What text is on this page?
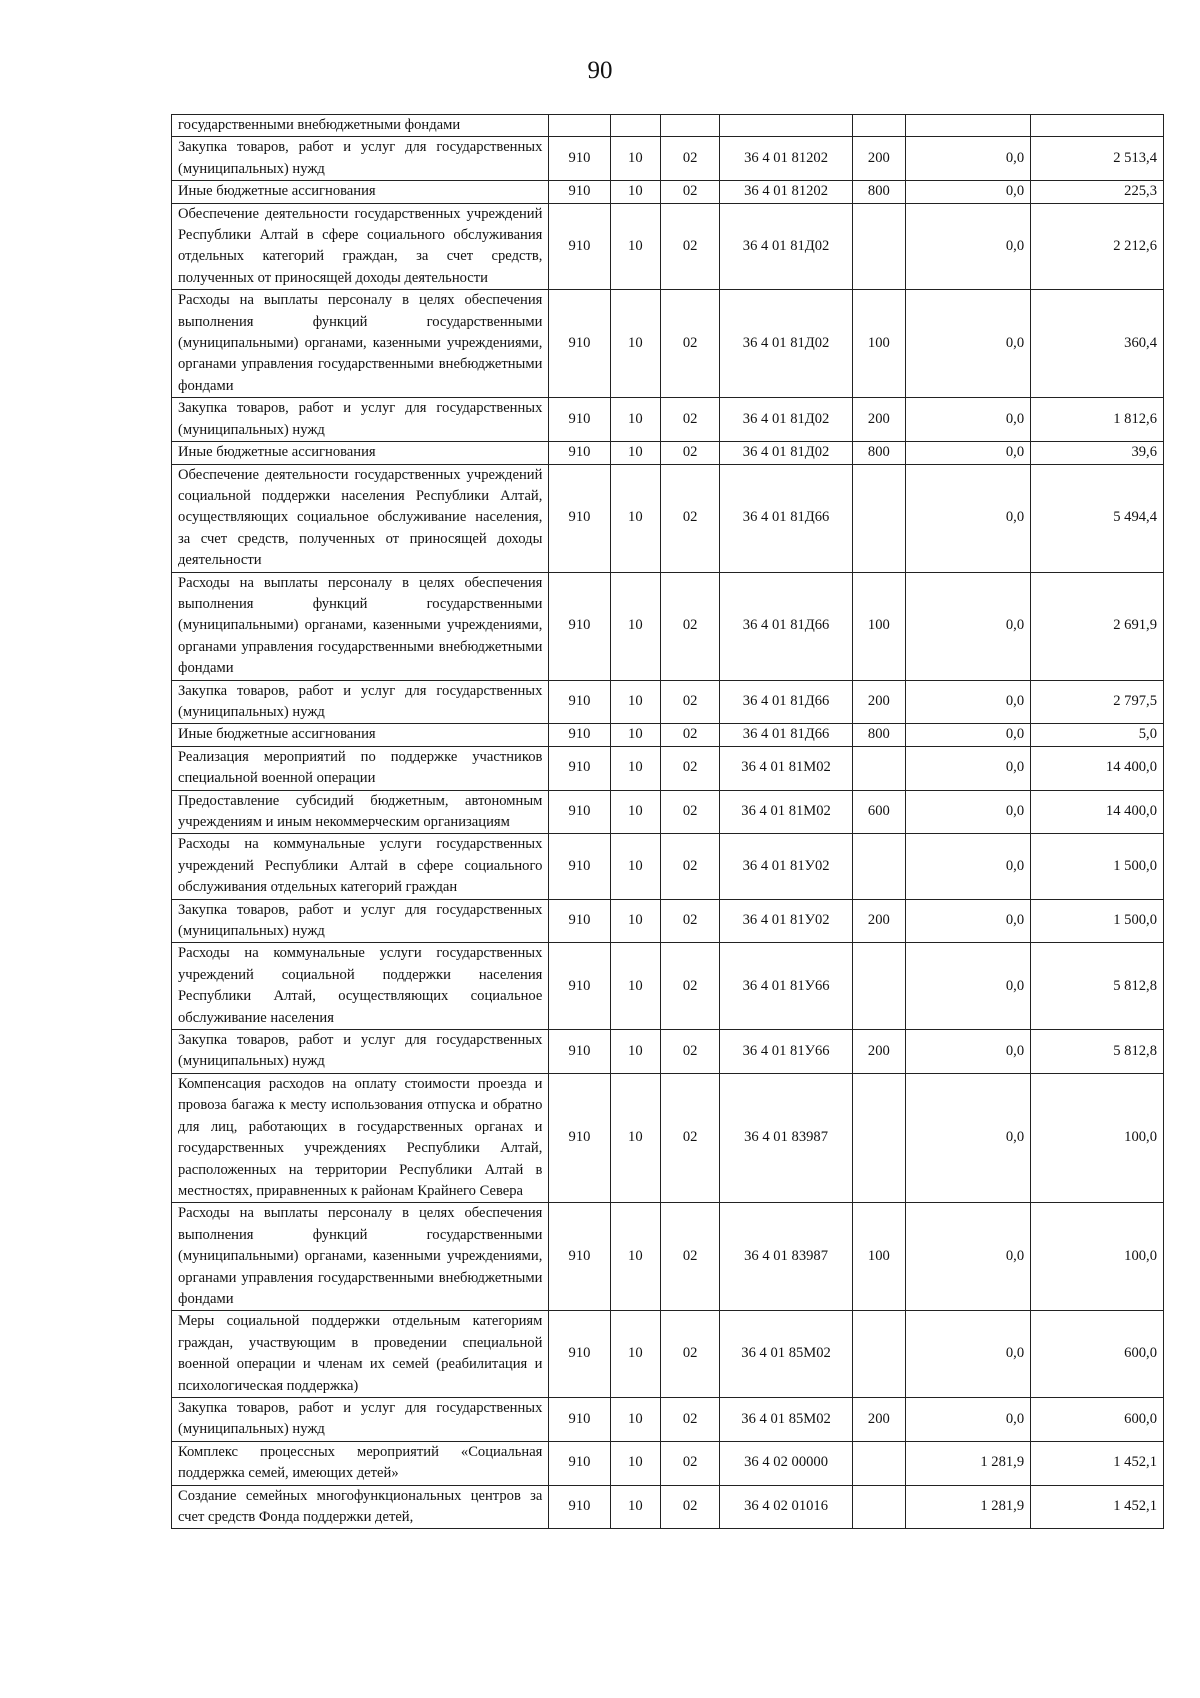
90
государственными внебюджетными фондами							
Закупка товаров, работ и услуг для государственных (муниципальных) нужд	910	10	02	36 4 01 81202	200	0,0	2 513,4
Иные бюджетные ассигнования	910	10	02	36 4 01 81202	800	0,0	225,3
Обеспечение деятельности государственных учреждений Республики Алтай в сфере социального обслуживания отдельных категорий граждан, за счет средств, полученных от приносящей доходы деятельности	910	10	02	36 4 01 81Д02		0,0	2 212,6
Расходы на выплаты персоналу в целях обеспечения выполнения функций государственными (муниципальными) органами, казенными учреждениями, органами управления государственными внебюджетными фондами	910	10	02	36 4 01 81Д02	100	0,0	360,4
Закупка товаров, работ и услуг для государственных (муниципальных) нужд	910	10	02	36 4 01 81Д02	200	0,0	1 812,6
Иные бюджетные ассигнования	910	10	02	36 4 01 81Д02	800	0,0	39,6
Обеспечение деятельности государственных учреждений социальной поддержки населения Республики Алтай, осуществляющих социальное обслуживание населения, за счет средств, полученных от приносящей доходы деятельности	910	10	02	36 4 01 81Д66		0,0	5 494,4
Расходы на выплаты персоналу в целях обеспечения выполнения функций государственными (муниципальными) органами, казенными учреждениями, органами управления государственными внебюджетными фондами	910	10	02	36 4 01 81Д66	100	0,0	2 691,9
Закупка товаров, работ и услуг для государственных (муниципальных) нужд	910	10	02	36 4 01 81Д66	200	0,0	2 797,5
Иные бюджетные ассигнования	910	10	02	36 4 01 81Д66	800	0,0	5,0
Реализация мероприятий по поддержке участников специальной военной операции	910	10	02	36 4 01 81М02		0,0	14 400,0
Предоставление субсидий бюджетным, автономным учреждениям и иным некоммерческим организациям	910	10	02	36 4 01 81М02	600	0,0	14 400,0
Расходы на коммунальные услуги государственных учреждений Республики Алтай в сфере социального обслуживания отдельных категорий граждан	910	10	02	36 4 01 81У02		0,0	1 500,0
Закупка товаров, работ и услуг для государственных (муниципальных) нужд	910	10	02	36 4 01 81У02	200	0,0	1 500,0
Расходы на коммунальные услуги государственных учреждений социальной поддержки населения Республики Алтай, осуществляющих социальное обслуживание населения	910	10	02	36 4 01 81У66		0,0	5 812,8
Закупка товаров, работ и услуг для государственных (муниципальных) нужд	910	10	02	36 4 01 81У66	200	0,0	5 812,8
Компенсация расходов на оплату стоимости проезда и провоза багажа к месту использования отпуска и обратно для лиц, работающих в государственных органах и государственных учреждениях Республики Алтай, расположенных на территории Республики Алтай в местностях, приравненных к районам Крайнего Севера	910	10	02	36 4 01 83987		0,0	100,0
Расходы на выплаты персоналу в целях обеспечения выполнения функций государственными (муниципальными) органами, казенными учреждениями, органами управления государственными внебюджетными фондами	910	10	02	36 4 01 83987	100	0,0	100,0
Меры социальной поддержки отдельным категориям граждан, участвующим в проведении специальной военной операции и членам их семей (реабилитация и психологическая поддержка)	910	10	02	36 4 01 85М02		0,0	600,0
Закупка товаров, работ и услуг для государственных (муниципальных) нужд	910	10	02	36 4 01 85М02	200	0,0	600,0
Комплекс процессных мероприятий «Социальная поддержка семей, имеющих детей»	910	10	02	36 4 02 00000		1 281,9	1 452,1
Создание семейных многофункциональных центров за счет средств Фонда поддержки детей,	910	10	02	36 4 02 01016		1 281,9	1 452,1
